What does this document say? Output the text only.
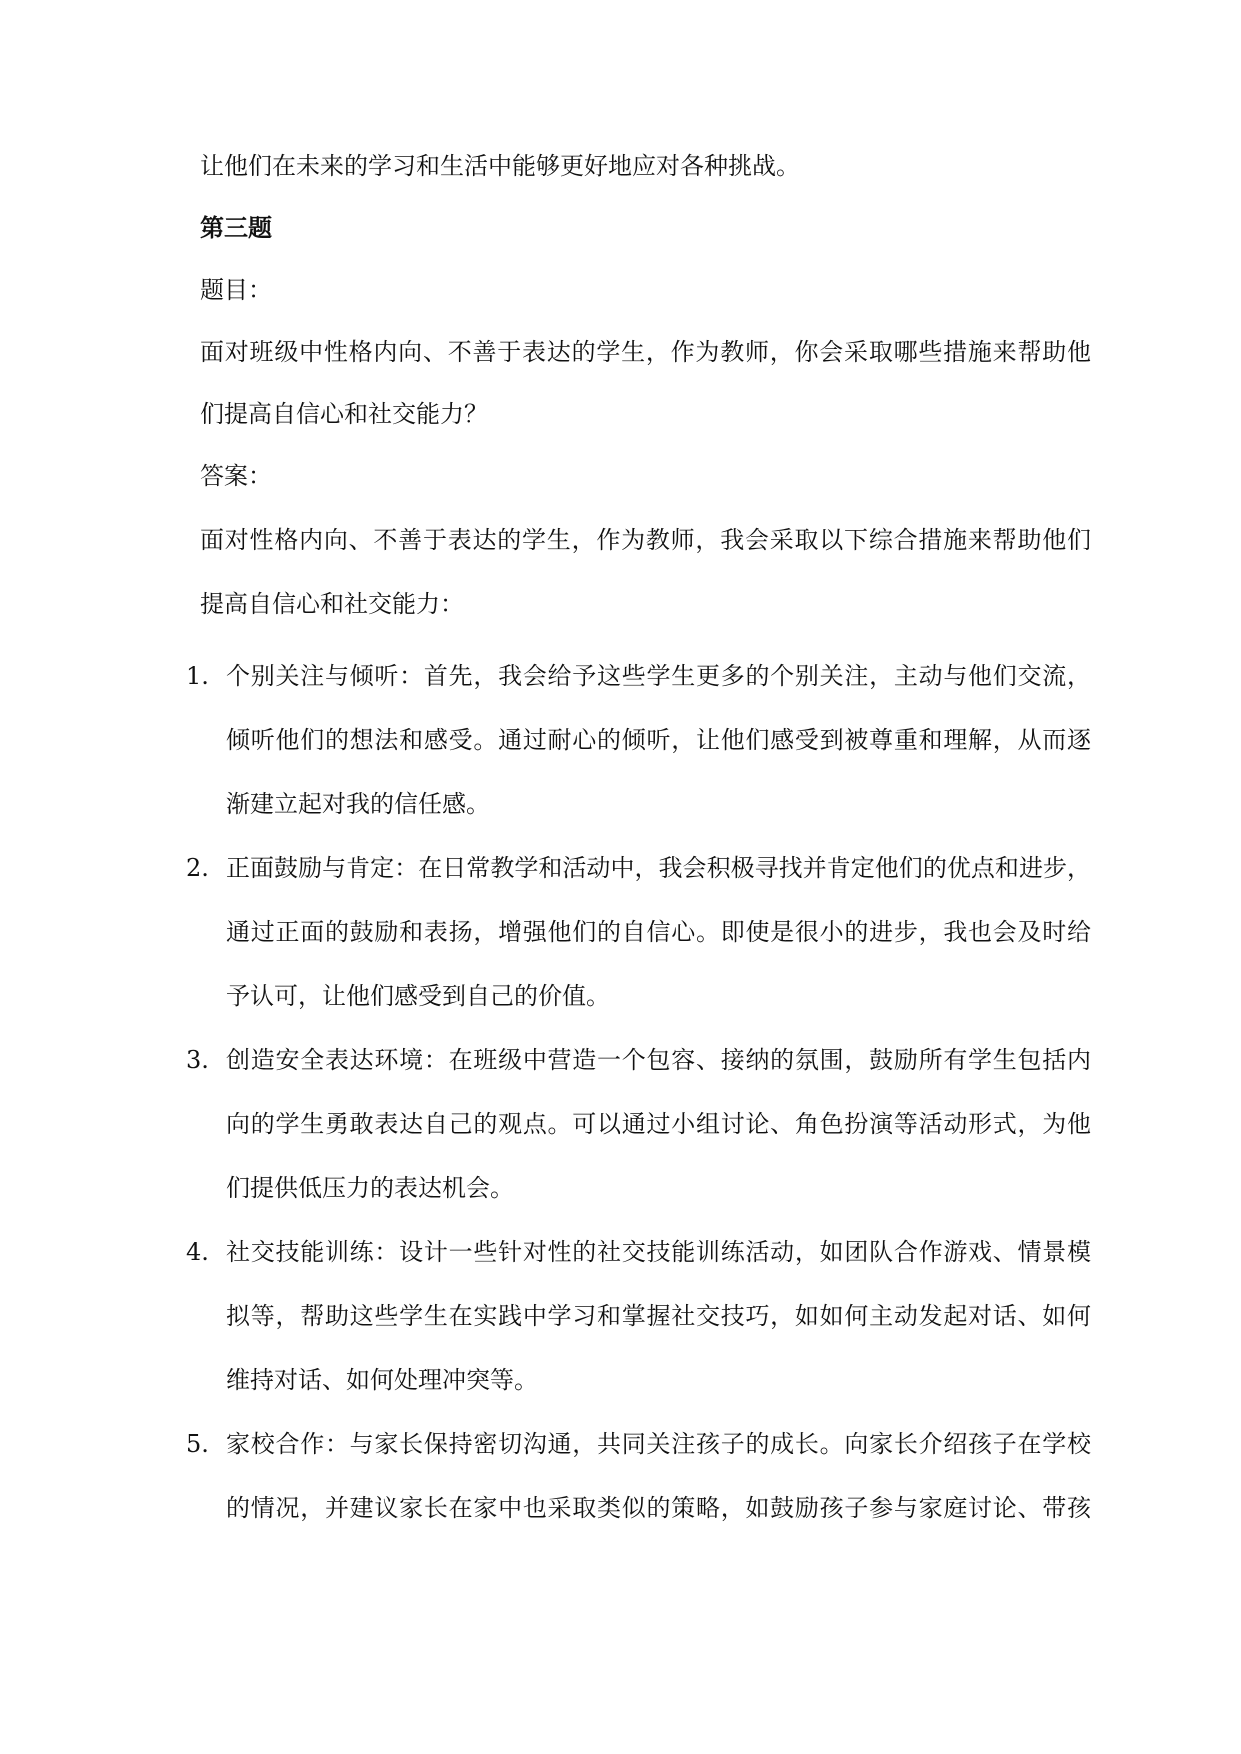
让他们在未来的学习和生活中能够更好地应对各种挑战。
第三题
题目：
面对班级中性格内向、不善于表达的学生，作为教师，你会采取哪些措施来帮助他
们提高自信心和社交能力？
答案：
面对性格内向、不善于表达的学生，作为教师，我会采取以下综合措施来帮助他们
提高自信心和社交能力：
1. 个别关注与倾听：首先，我会给予这些学生更多的个别关注，主动与他们交流，
倾听他们的想法和感受。通过耐心的倾听，让他们感受到被尊重和理解，从而逐
渐建立起对我的信任感。
2. 正面鼓励与肯定：在日常教学和活动中，我会积极寻找并肯定他们的优点和进步，
通过正面的鼓励和表扬，增强他们的自信心。即使是很小的进步，我也会及时给
予认可，让他们感受到自己的价值。
3. 创造安全表达环境：在班级中营造一个包容、接纳的氛围，鼓励所有学生包括内
向的学生勇敢表达自己的观点。可以通过小组讨论、角色扮演等活动形式，为他
们提供低压力的表达机会。
4. 社交技能训练：设计一些针对性的社交技能训练活动，如团队合作游戏、情景模
拟等，帮助这些学生在实践中学习和掌握社交技巧，如如何主动发起对话、如何
维持对话、如何处理冲突等。
5. 家校合作：与家长保持密切沟通，共同关注孩子的成长。向家长介绍孩子在学校
的情况，并建议家长在家中也采取类似的策略，如鼓励孩子参与家庭讨论、带孩
